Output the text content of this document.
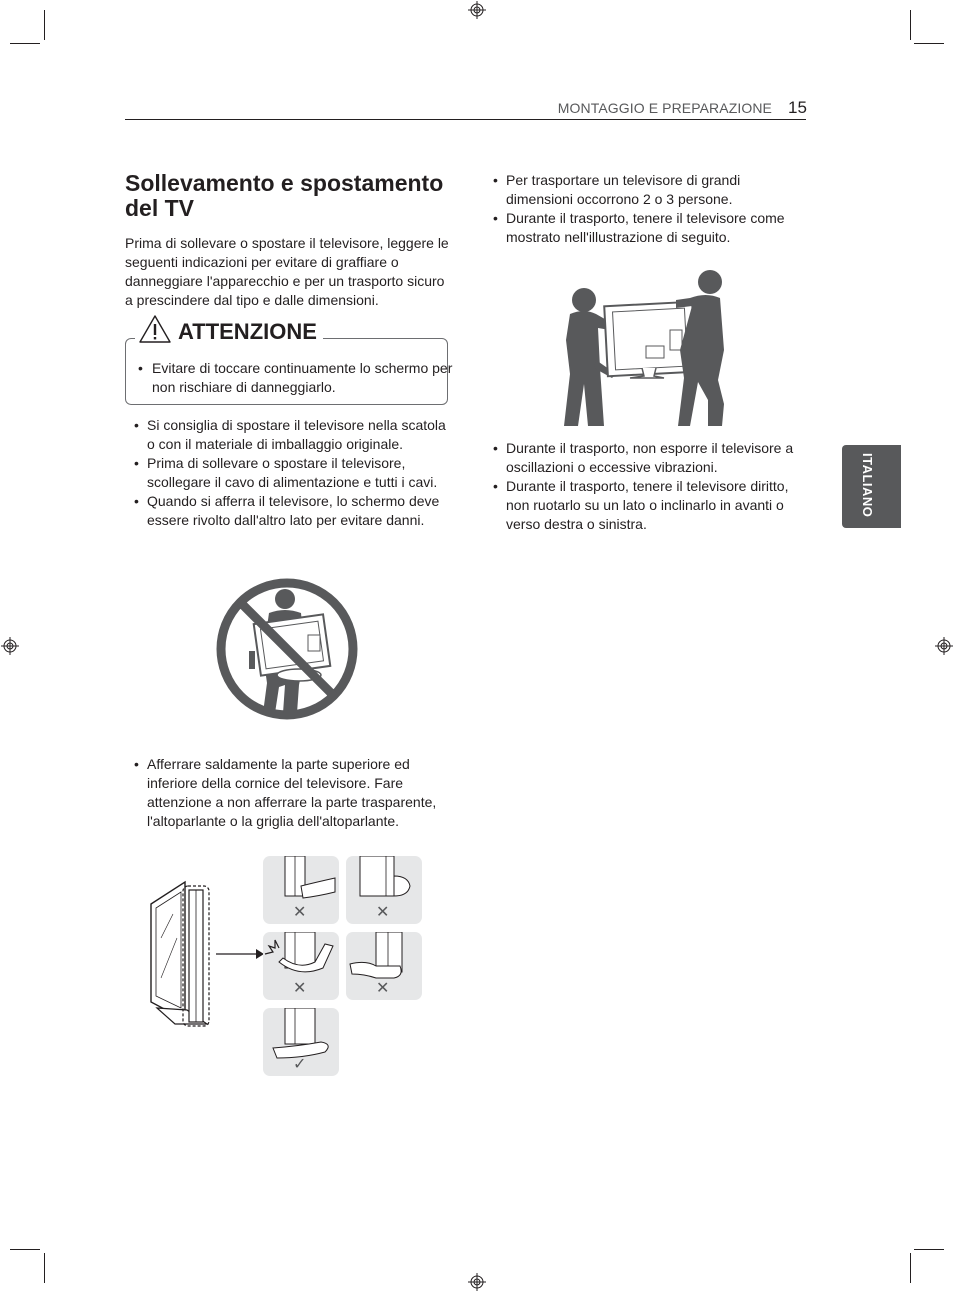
MONTAGGIO E PREPARAZIONE 15
Sollevamento e spostamento del TV
Prima di sollevare o spostare il televisore, leggere le seguenti indicazioni per evitare di graffiare o danneggiare l'apparecchio e per un trasporto sicuro a prescindere dal tipo e dalle dimensioni.
ATTENZIONE
• Evitare di toccare continuamente lo schermo per non rischiare di danneggiarlo.
• Si consiglia di spostare il televisore nella scatola o con il materiale di imballaggio originale.
• Prima di sollevare o spostare il televisore, scollegare il cavo di alimentazione e tutti i cavi.
• Quando si afferra il televisore, lo schermo deve essere rivolto dall'altro lato per evitare danni.
• Afferrare saldamente la parte superiore ed inferiore della cornice del televisore. Fare attenzione a non afferrare la parte trasparente, l'altoparlante o la griglia dell'altoparlante.
✕	✕
✕	✕
✓
• Per trasportare un televisore di grandi dimensioni occorrono 2 o 3 persone.
• Durante il trasporto, tenere il televisore come mostrato nell'illustrazione di seguito.
• Durante il trasporto, non esporre il televisore a oscillazioni o eccessive vibrazioni.
• Durante il trasporto, tenere il televisore diritto, non ruotarlo su un lato o inclinarlo in avanti o verso destra o sinistra.
ITALIANO
